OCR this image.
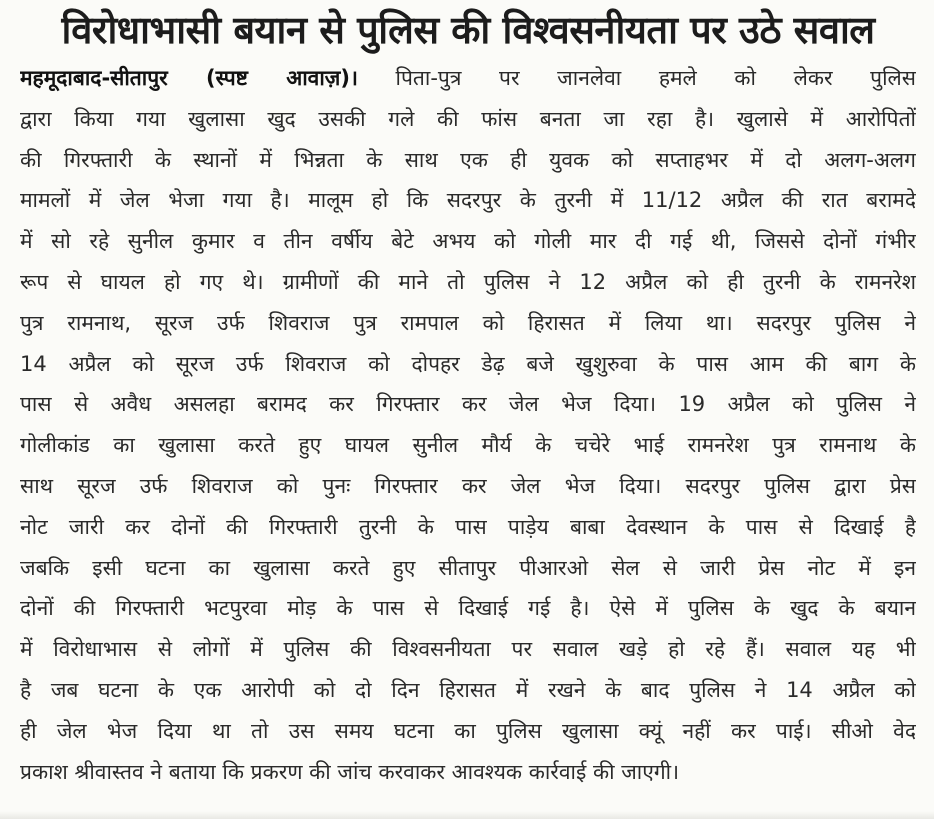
विरोधाभासी बयान से पुलिस की विश्वसनीयता पर उठे सवाल
महमूदाबाद-सीतापुर (स्पष्ट आवाज़)। पिता-पुत्र पर जानलेवा हमले को लेकर पुलिस
द्वारा किया गया खुलासा खुद उसकी गले की फांस बनता जा रहा है। खुलासे में आरोपितों
की गिरफ्तारी के स्थानों में भिन्नता के साथ एक ही युवक को सप्ताहभर में दो अलग-अलग
मामलों में जेल भेजा गया है। मालूम हो कि सदरपुर के तुरनी में 11/12 अप्रैल की रात बरामदे
में सो रहे सुनील कुमार व तीन वर्षीय बेटे अभय को गोली मार दी गई थी, जिससे दोनों गंभीर
रूप से घायल हो गए थे। ग्रामीणों की माने तो पुलिस ने 12 अप्रैल को ही तुरनी के रामनरेश
पुत्र रामनाथ, सूरज उर्फ शिवराज पुत्र रामपाल को हिरासत में लिया था। सदरपुर पुलिस ने
14 अप्रैल को सूरज उर्फ शिवराज को दोपहर डेढ़ बजे खुशुरुवा के पास आम की बाग के
पास से अवैध असलहा बरामद कर गिरफ्तार कर जेल भेज दिया। 19 अप्रैल को पुलिस ने
गोलीकांड का खुलासा करते हुए घायल सुनील मौर्य के चचेरे भाई रामनरेश पुत्र रामनाथ के
साथ सूरज उर्फ शिवराज को पुनः गिरफ्तार कर जेल भेज दिया। सदरपुर पुलिस द्वारा प्रेस
नोट जारी कर दोनों की गिरफ्तारी तुरनी के पास पाड़ेय बाबा देवस्थान के पास से दिखाई है
जबकि इसी घटना का खुलासा करते हुए सीतापुर पीआरओ सेल से जारी प्रेस नोट में इन
दोनों की गिरफ्तारी भटपुरवा मोड़ के पास से दिखाई गई है। ऐसे में पुलिस के खुद के बयान
में विरोधाभास से लोगों में पुलिस की विश्वसनीयता पर सवाल खड़े हो रहे हैं। सवाल यह भी
है जब घटना के एक आरोपी को दो दिन हिरासत में रखने के बाद पुलिस ने 14 अप्रैल को
ही जेल भेज दिया था तो उस समय घटना का पुलिस खुलासा क्यूं नहीं कर पाई। सीओ वेद
प्रकाश श्रीवास्तव ने बताया कि प्रकरण की जांच करवाकर आवश्यक कार्रवाई की जाएगी।
